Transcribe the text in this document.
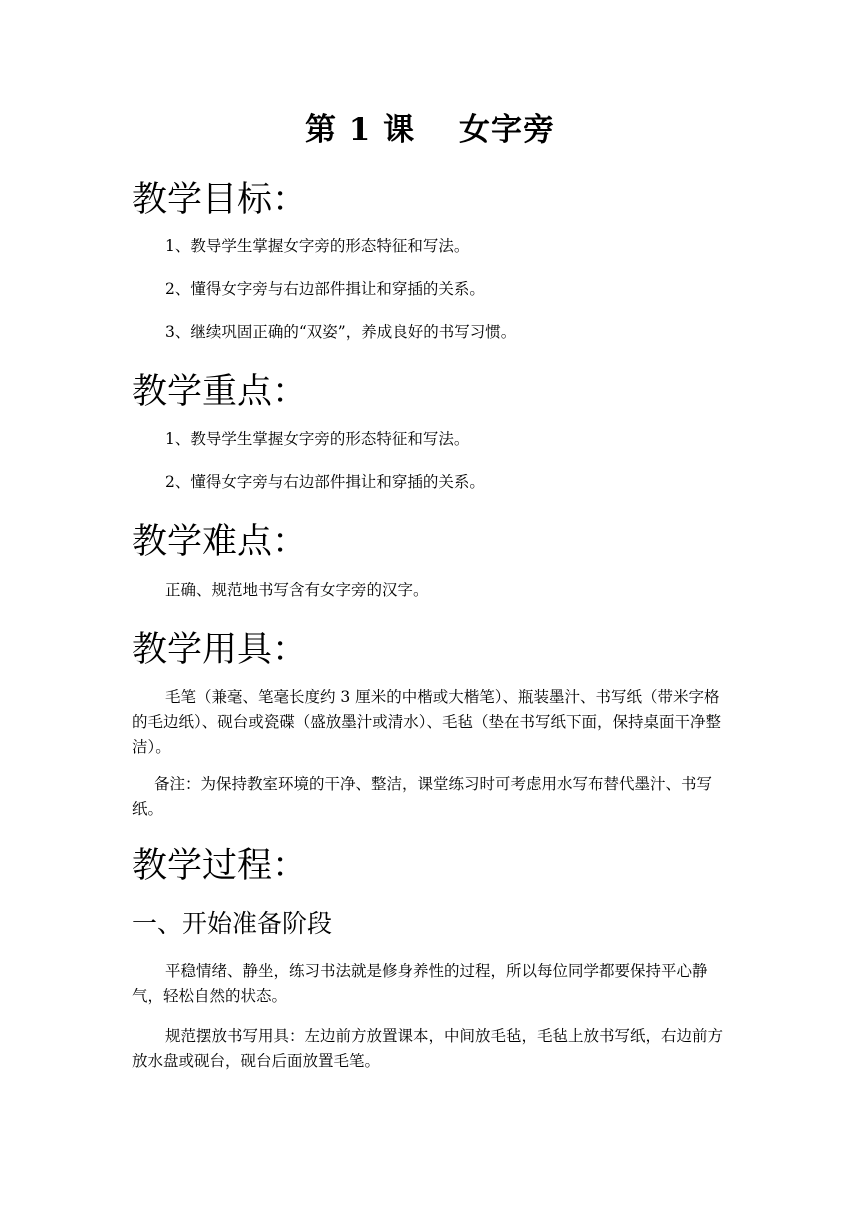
第 1 课　 女字旁
教学目标：
1、教导学生掌握女字旁的形态特征和写法。
2、懂得女字旁与右边部件揖让和穿插的关系。
3、继续巩固正确的“双姿”，养成良好的书写习惯。
教学重点：
1、教导学生掌握女字旁的形态特征和写法。
2、懂得女字旁与右边部件揖让和穿插的关系。
教学难点：
正确、规范地书写含有女字旁的汉字。
教学用具：
毛笔（兼毫、笔毫长度约 3 厘米的中楷或大楷笔）、瓶装墨汁、书写纸（带米字格的毛边纸）、砚台或瓷碟（盛放墨汁或清水）、毛毡（垫在书写纸下面，保持桌面干净整洁）。
备注：为保持教室环境的干净、整洁，课堂练习时可考虑用水写布替代墨汁、书写纸。
教学过程：
一、开始准备阶段
平稳情绪、静坐，练习书法就是修身养性的过程，所以每位同学都要保持平心静气，轻松自然的状态。
规范摆放书写用具：左边前方放置课本，中间放毛毡，毛毡上放书写纸，右边前方放水盘或砚台，砚台后面放置毛笔。
